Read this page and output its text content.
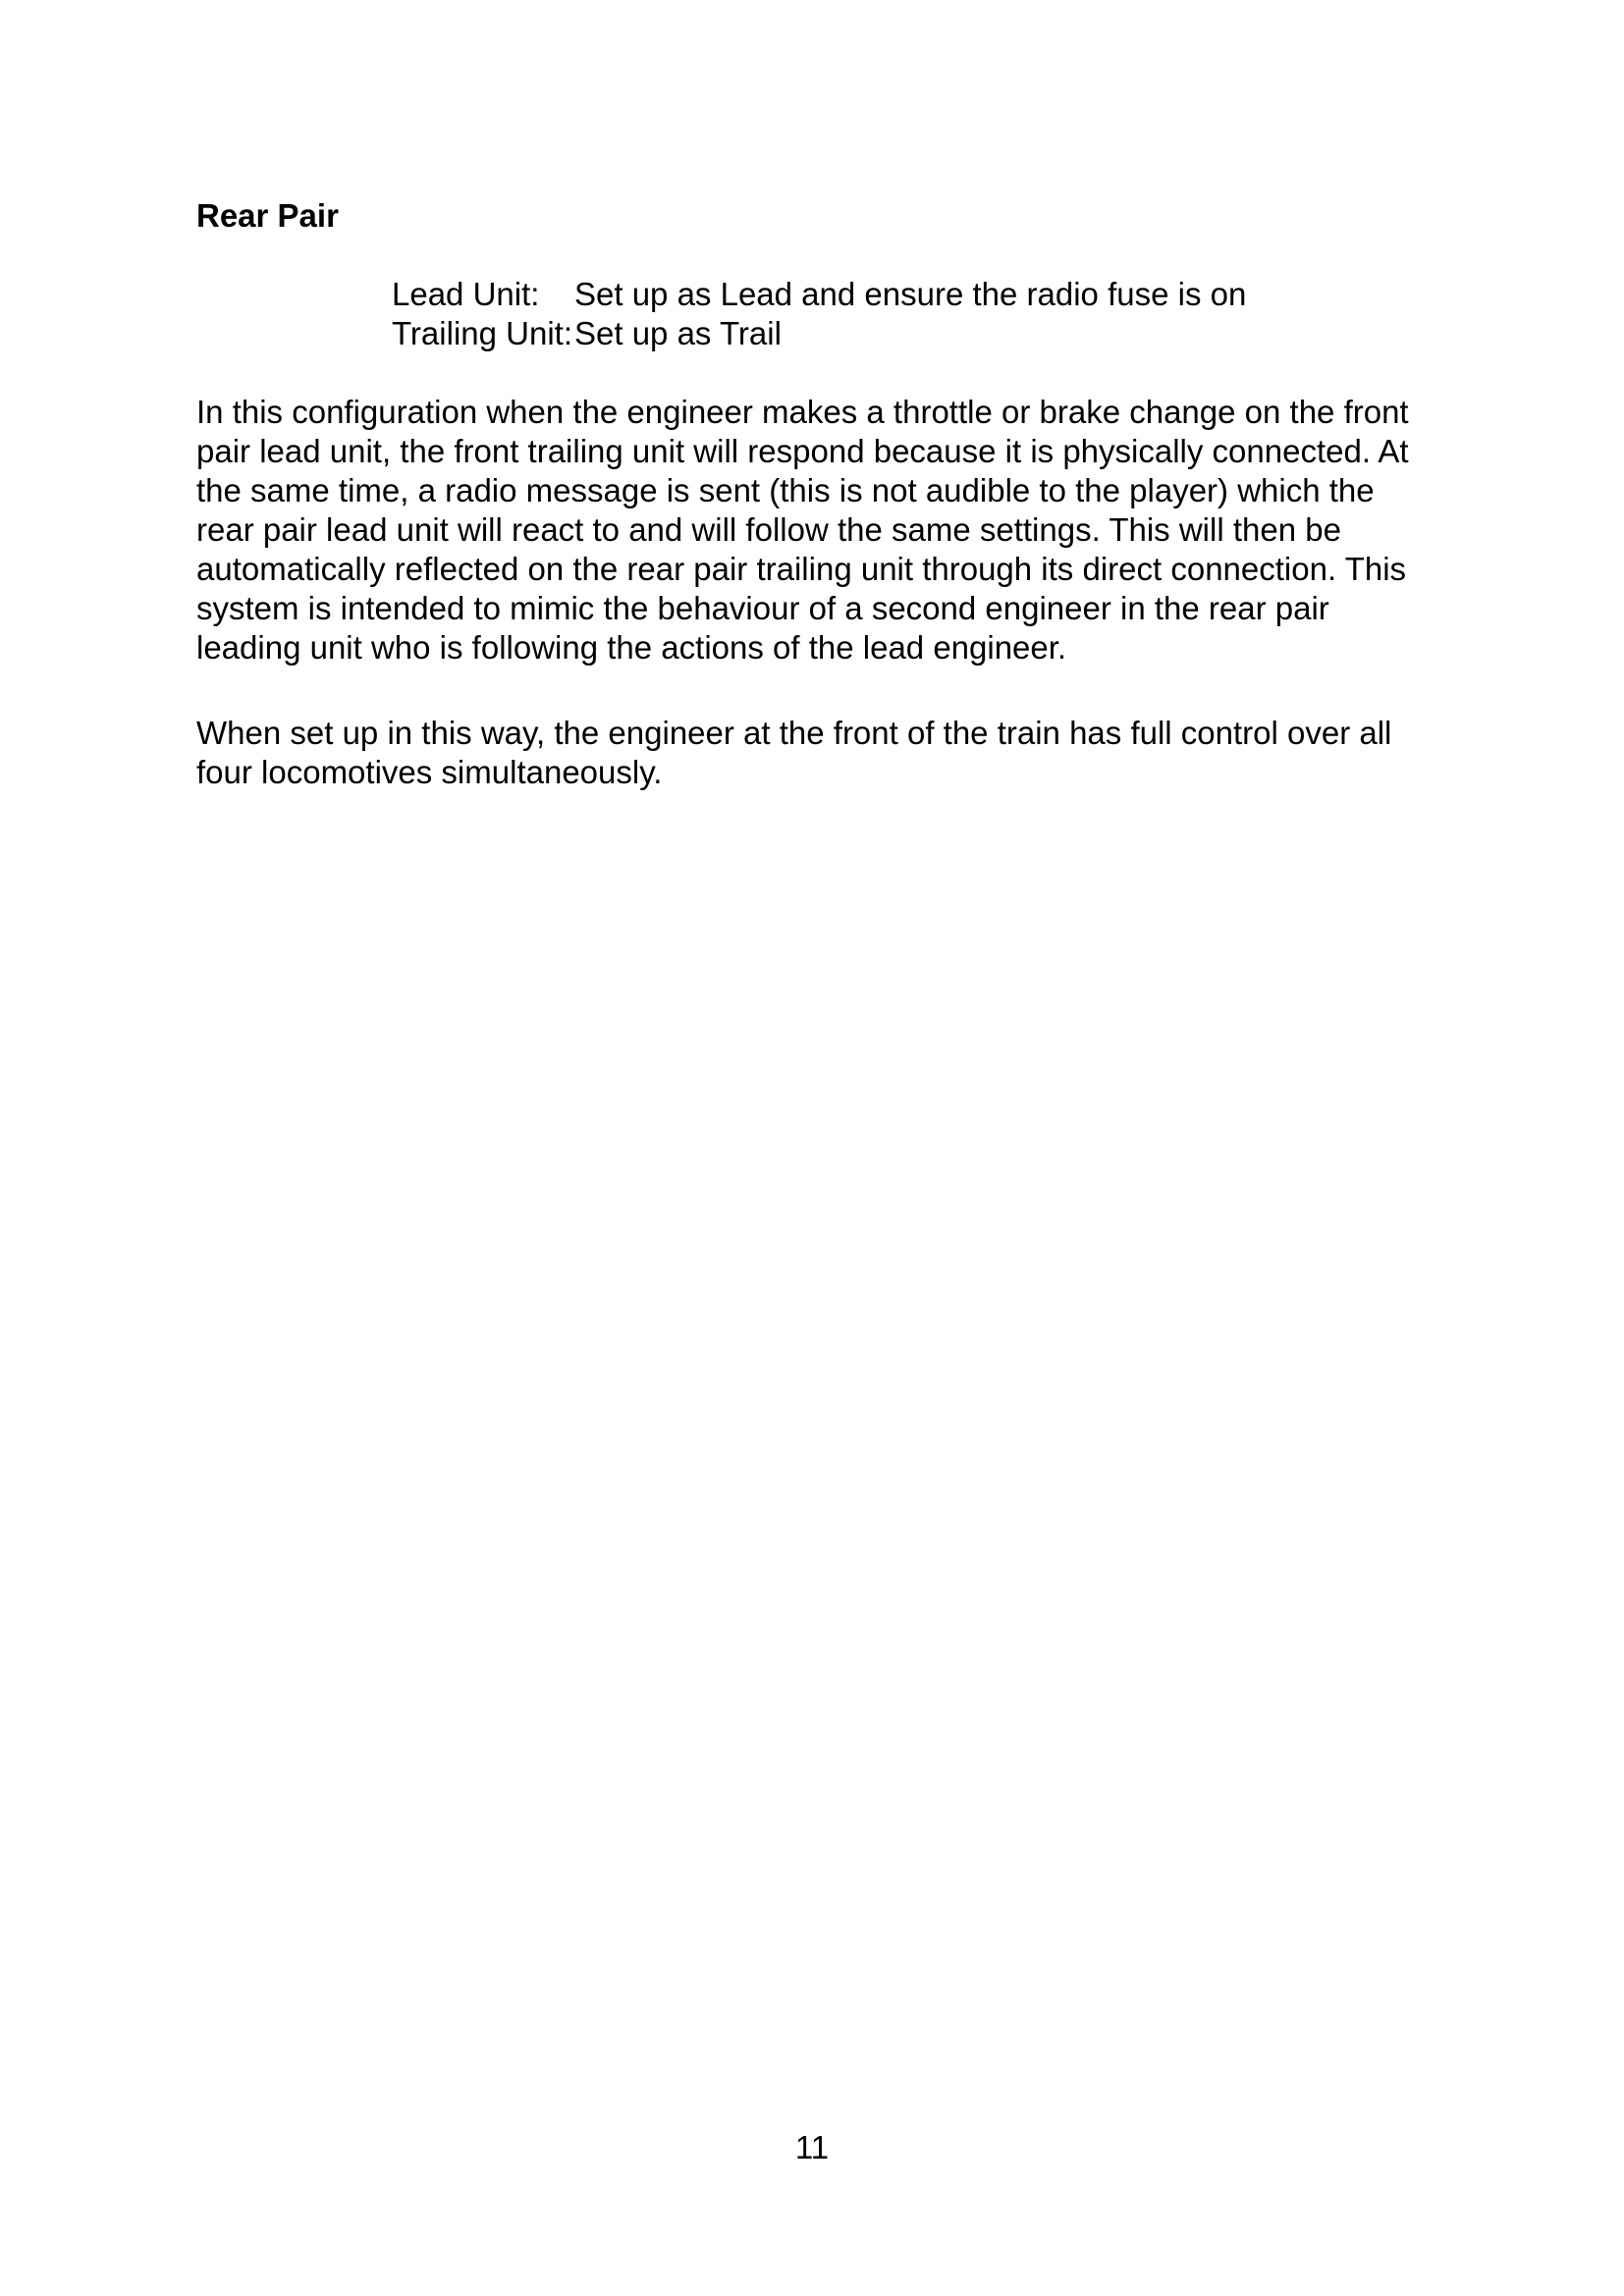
Rear Pair
Lead Unit:	Set up as Lead and ensure the radio fuse is on
Trailing Unit: Set up as Trail

In this configuration when the engineer makes a throttle or brake change on the front pair lead unit, the front trailing unit will respond because it is physically connected. At the same time, a radio message is sent (this is not audible to the player) which the rear pair lead unit will react to and will follow the same settings. This will then be automatically reflected on the rear pair trailing unit through its direct connection. This system is intended to mimic the behaviour of a second engineer in the rear pair leading unit who is following the actions of the lead engineer.

When set up in this way, the engineer at the front of the train has full control over all four locomotives simultaneously.

11
